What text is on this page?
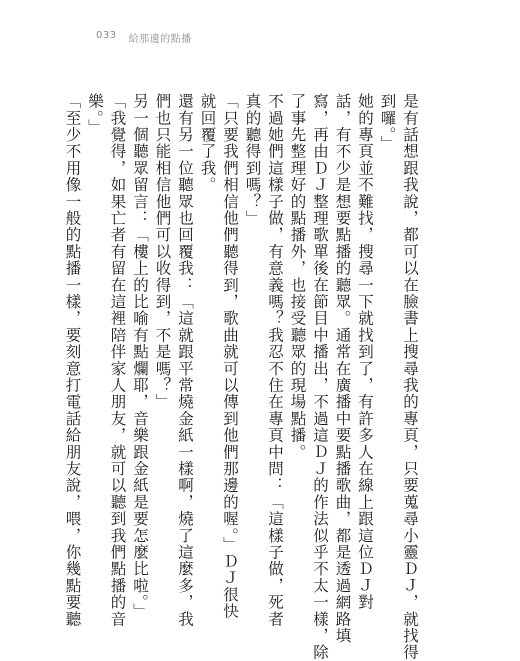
033 給那邊的點播

是有話想跟我說，都可以在臉書上搜尋我的專頁，只要蒐尋小靈ＤＪ，就找得

到囉。」

她的專頁並不難找，搜尋一下就找到了，有許多人在線上跟這位ＤＪ對

話，有不少是想要點播的聽眾。通常在廣播中要點播歌曲，都是透過網路填

寫，再由ＤＪ整理歌單後在節目中播出，不過這ＤＪ的作法似乎不太一樣，除

了事先整理好的點播外，也接受聽眾的現場點播。

不過她們這樣子做，有意義嗎？我忍不住在專頁中問：「這樣子做，死者

真的聽得到嗎？」

「只要我們相信他們聽得到，歌曲就可以傳到他們那邊的喔。」ＤＪ很快

就回覆了我。

還有另一位聽眾也回覆我：「這就跟平常燒金紙一樣啊，燒了這麼多，我

們也只能相信他們可以收得到，不是嗎？」

另一個聽眾留言：「樓上的比喻有點爛耶，音樂跟金紙是要怎麼比啦。」

「我覺得，如果亡者有留在這裡陪伴家人朋友，就可以聽到我們點播的音

樂。」

「至少不用像一般的點播一樣，要刻意打電話給朋友說，喂，你幾點要聽
